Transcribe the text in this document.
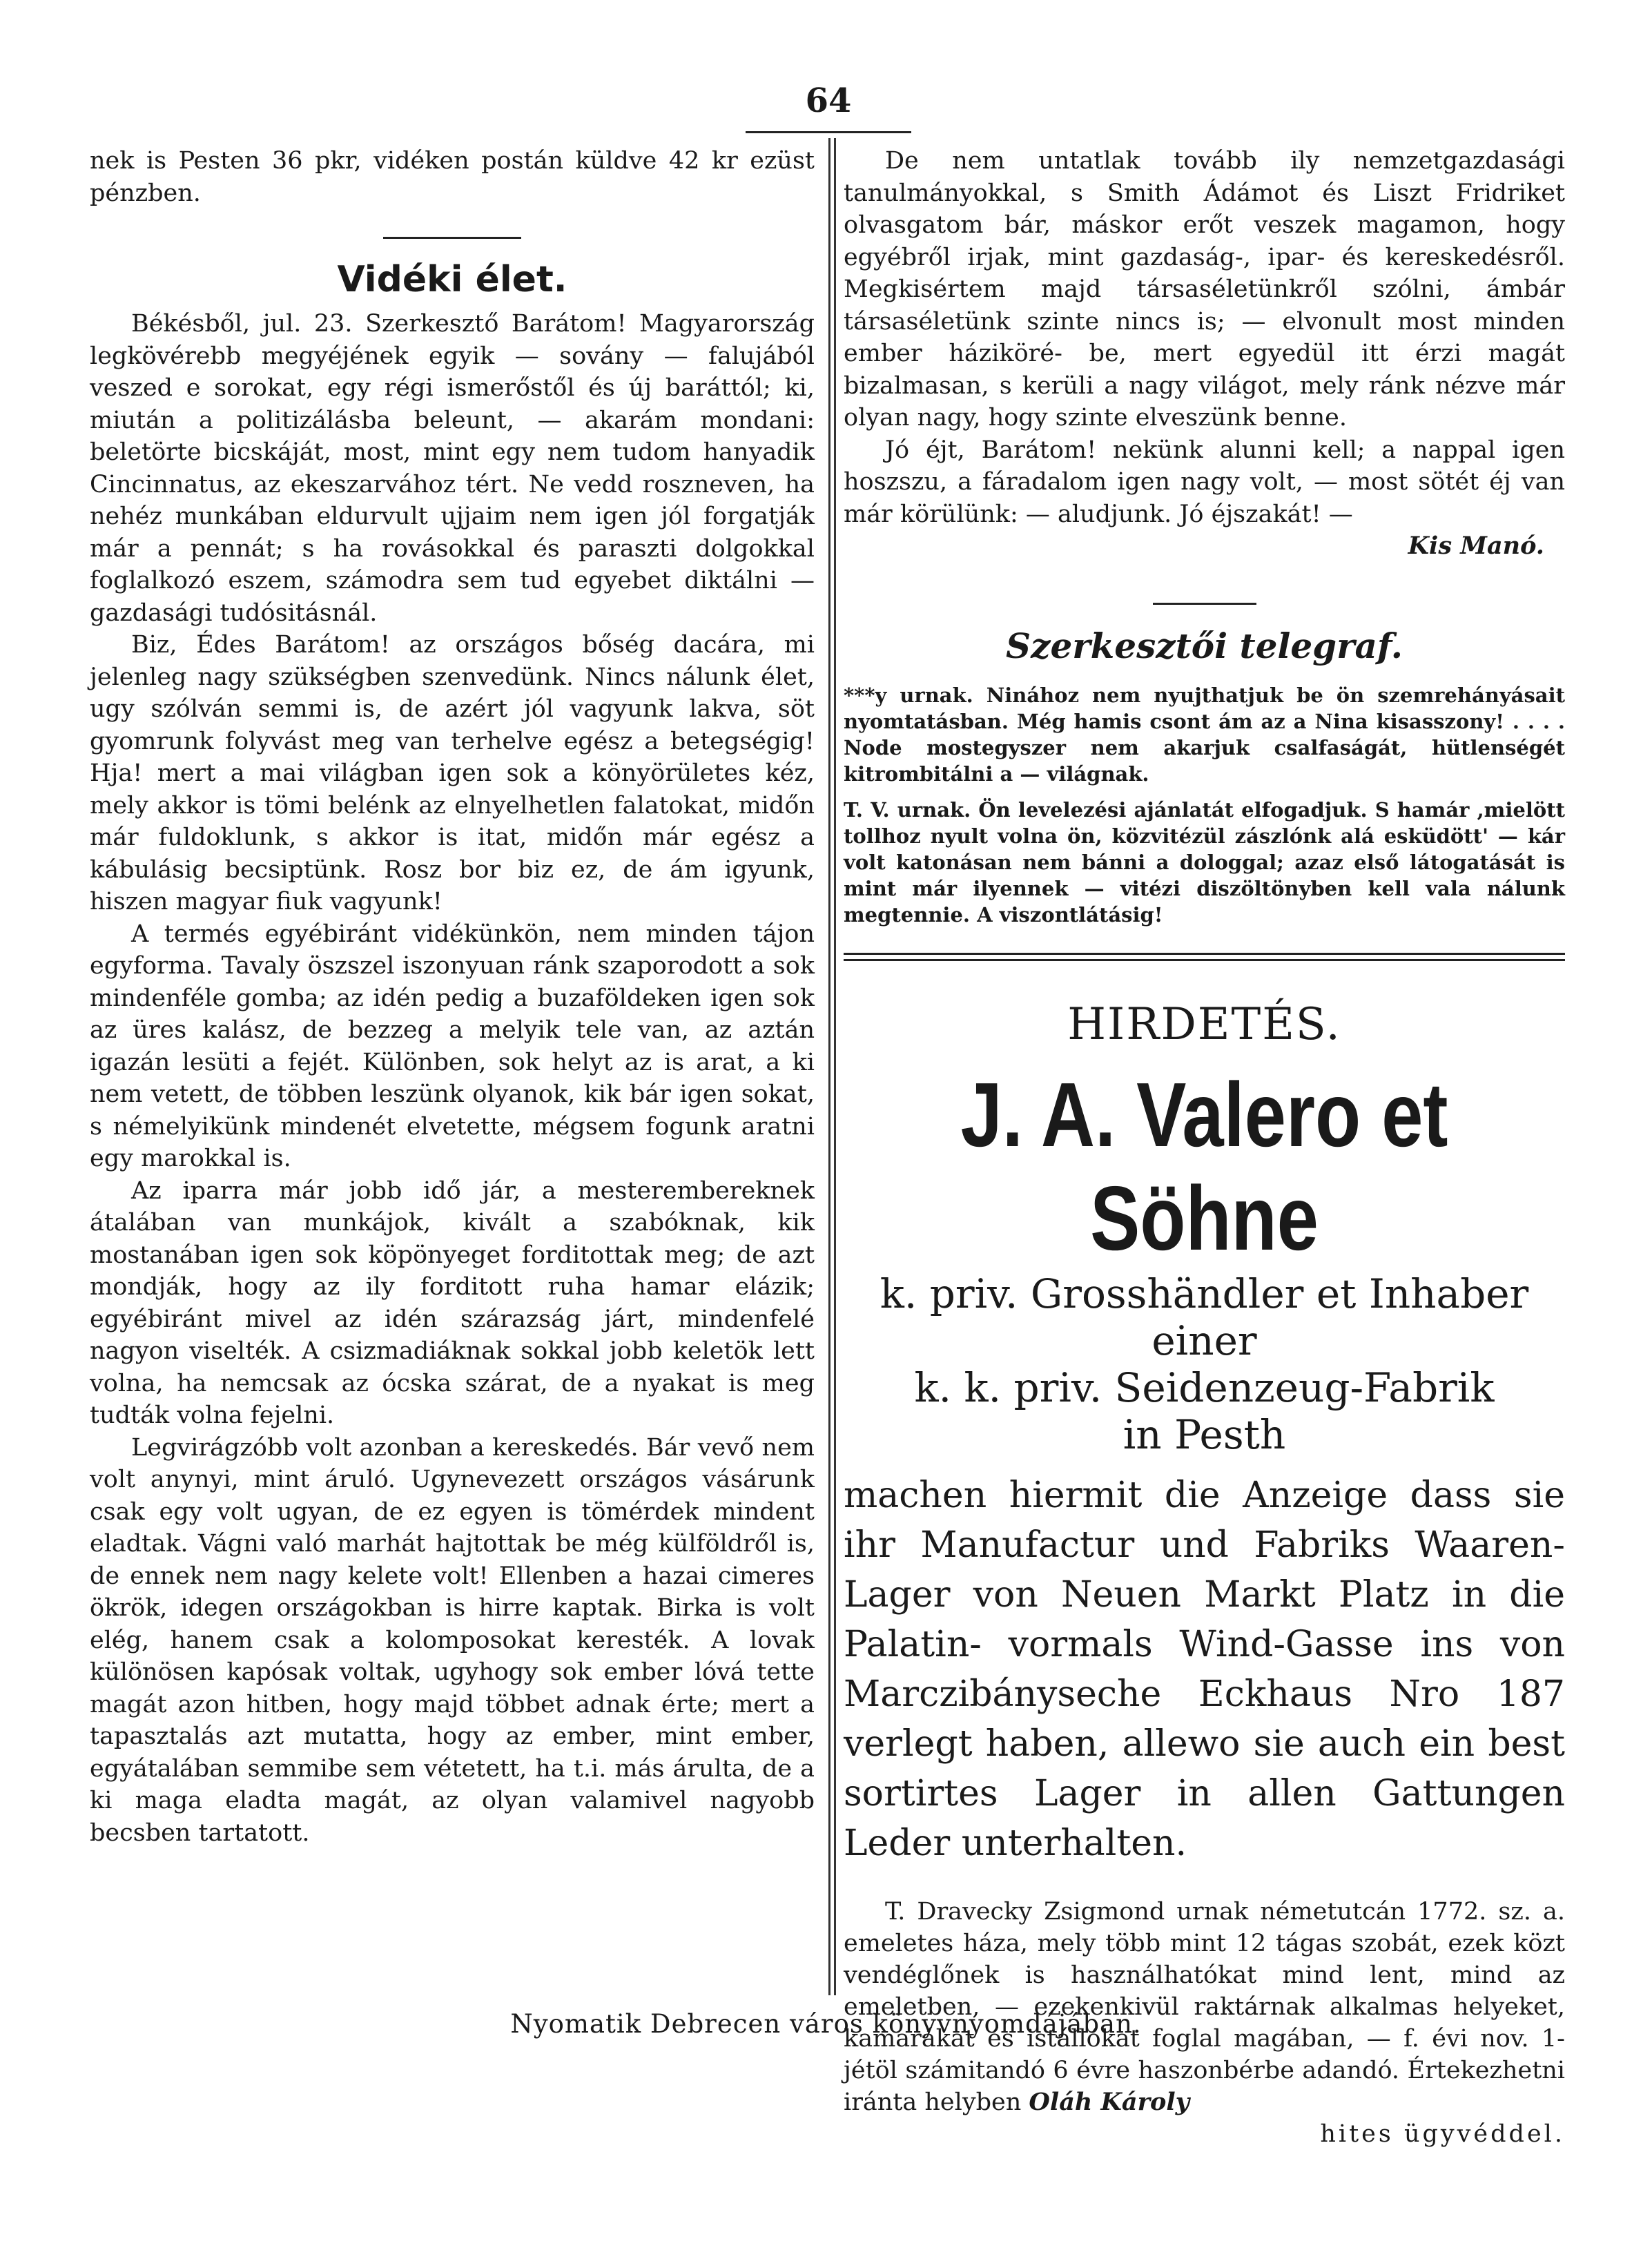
64

nek is Pesten 36 pkr, vidéken postán küldve 42 kr ezüst pénzben.

Vidéki élet.

Békésből, jul. 23. Szerkesztő Barátom! Magyarország legkövérebb megyéjének egyik — sovány — falujából veszed e sorokat, egy régi ismerőstől és új baráttól; ki, miután a politizálásba beleunt, — akarám mondani: beletörte bicskáját, most, mint egy nem tudom hanyadik Cincinnatus, az ekeszarvához tért. Ne vedd roszneven, ha nehéz munkában eldurvult ujjaim nem igen jól forgatják már a pennát; s ha rovásokkal és paraszti dolgokkal foglalkozó eszem, számodra sem tud egyebet diktálni — gazdasági tudósitásnál.

Biz, Édes Barátom! az országos bőség dacára, mi jelenleg nagy szükségben szenvedünk. Nincs nálunk élet, ugy szólván semmi is, de azért jól vagyunk lakva, söt gyomrunk folyvást meg van terhelve egész a betegségig! Hja! mert a mai világban igen sok a könyörületes kéz, mely akkor is tömi belénk az elnyelhetlen falatokat, midőn már fuldoklunk, s akkor is itat, midőn már egész a kábulásig becsiptünk. Rosz bor biz ez, de ám igyunk, hiszen magyar fiuk vagyunk!

A termés egyébiránt vidékünkön, nem minden tájon egyforma. Tavaly öszszel iszonyuan ránk szaporodott a sok mindenféle gomba; az idén pedig a buzaföldeken igen sok az üres kalász, de bezzeg a melyik tele van, az aztán igazán lesüti a fejét. Különben, sok helyt az is arat, a ki nem vetett, de többen leszünk olyanok, kik bár igen sokat, s némelyikünk mindenét elvetette, mégsem fogunk aratni egy marokkal is.

Az iparra már jobb idő jár, a mesterembereknek átalában van munkájok, kivált a szabóknak, kik mostanában igen sok köpönyeget forditottak meg; de azt mondják, hogy az ily forditott ruha hamar elázik; egyébiránt mivel az idén szárazság járt, mindenfelé nagyon viselték. A csizmadiáknak sokkal jobb keletök lett volna, ha nemcsak az ócska szárat, de a nyakat is meg tudták volna fejelni.

Legvirágzóbb volt azonban a kereskedés. Bár vevő nem volt anynyi, mint áruló. Ugynevezett országos vásárunk csak egy volt ugyan, de ez egyen is tömérdek mindent eladtak. Vágni való marhát hajtottak be még külföldről is, de ennek nem nagy kelete volt! Ellenben a hazai cimeres ökrök, idegen országokban is hirre kaptak. Birka is volt elég, hanem csak a kolomposokat keresték. A lovak különösen kapósak voltak, ugyhogy sok ember lóvá tette magát azon hitben, hogy majd többet adnak érte; mert a tapasztalás azt mutatta, hogy az ember, mint ember, egyátalában semmibe sem vétetett, ha t.i. más árulta, de a ki maga eladta magát, az olyan valamivel nagyobb becsben tartatott.

De nem untatlak tovább ily nemzetgazdasági tanulmányokkal, s Smith Ádámot és Liszt Fridriket olvasgatom bár, máskor erőt veszek magamon, hogy egyébről irjak, mint gazdaság-, ipar- és kereskedésről. Megkisértem majd társaséletünkről szólni, ámbár társaséletünk szinte nincs is; — elvonult most minden ember háziköré- be, mert egyedül itt érzi magát bizalmasan, s kerüli a nagy világot, mely ránk nézve már olyan nagy, hogy szinte elveszünk benne.

Jó éjt, Barátom! nekünk alunni kell; a nappal igen hoszszu, a fáradalom igen nagy volt, — most sötét éj van már körülünk: — aludjunk. Jó éjszakát! —

Kis Manó.
Szerkesztői telegraf.

***y urnak. Ninához nem nyujthatjuk be ön szemrehányásait nyomtatásban. Még hamis csont ám az a Nina kisasszony! . . . . Node mostegyszer nem akarjuk csalfaságát, hütlenségét kitrombitálni a — világnak.

T. V. urnak. Ön levelezési ajánlatát elfogadjuk. S hamár ,mielött tollhoz nyult volna ön, közvitézül zászlónk alá esküdött' — kár volt katonásan nem bánni a dologgal; azaz első látogatását is mint már ilyennek — vitézi diszöltönyben kell vala nálunk megtennie. A viszontlátásig!

HIRDETÉS.
J. A. Valero et Söhne
k. priv. Grosshändler et Inhaber einer
k. k. priv. Seidenzeug-Fabrik
in Pesth

machen hiermit die Anzeige dass sie ihr Manufactur und Fabriks Waaren-Lager von Neuen Markt Platz in die Palatin- vormals Wind-Gasse ins von Marczibányseche Eckhaus Nro 187 verlegt haben, allewo sie auch ein best sortirtes Lager in allen Gattungen Leder unterhalten.

T. Dravecky Zsigmond urnak németutcán 1772. sz. a. emeletes háza, mely több mint 12 tágas szobát, ezek közt vendéglőnek is használhatókat mind lent, mind az emeletben, — ezekenkivül raktárnak alkalmas helyeket, kamarákat és istállókat foglal magában, — f. évi nov. 1-jétöl számitandó 6 évre haszonbérbe adandó. Értekezhetni iránta helyben Oláh Károly

hites ügyvéddel.
Nyomatik Debrecen város könyvnyomdájában.
